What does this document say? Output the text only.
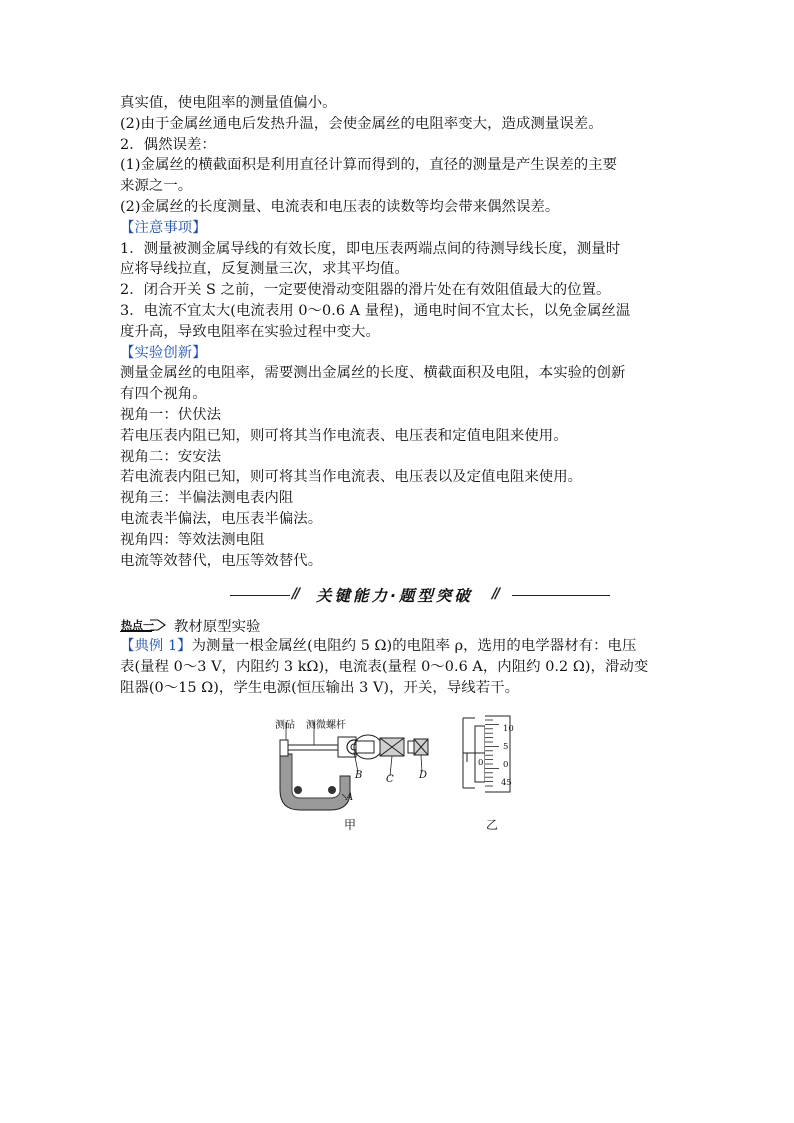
真实值，使电阻率的测量值偏小。
(2)由于金属丝通电后发热升温，会使金属丝的电阻率变大，造成测量误差。
2．偶然误差：
(1)金属丝的横截面积是利用直径计算而得到的，直径的测量是产生误差的主要
来源之一。
(2)金属丝的长度测量、电流表和电压表的读数等均会带来偶然误差。
【注意事项】
1．测量被测金属导线的有效长度，即电压表两端点间的待测导线长度，测量时
应将导线拉直，反复测量三次，求其平均值。
2．闭合开关 S 之前，一定要使滑动变阻器的滑片处在有效阻值最大的位置。
3．电流不宜太大(电流表用 0～0.6 A 量程)，通电时间不宜太长，以免金属丝温
度升高，导致电阻率在实验过程中变大。
【实验创新】
测量金属丝的电阻率，需要测出金属丝的长度、横截面积及电阻，本实验的创新
有四个视角。
视角一：伏伏法
若电压表内阻已知，则可将其当作电流表、电压表和定值电阻来使用。
视角二：安安法
若电流表内阻已知，则可将其当作电流表、电压表以及定值电阻来使用。
视角三：半偏法测电表内阻
电流表半偏法，电压表半偏法。
视角四：等效法测电阻
电流等效替代，电压等效替代。
// 关键能力·题型突破 //
热点一 教材原型实验
【典例 1】为测量一根金属丝(电阻约 5 Ω)的电阻率 ρ，选用的电学器材有：电压
表(量程 0～3 V，内阻约 3 kΩ)，电流表(量程 0～0.6 A，内阻约 0.2 Ω)，滑动变
阻器(0～15 Ω)，学生电源(恒压输出 3 V)，开关，导线若干。
测砧 测微螺杆
B C	D
A
10
5
0
45
0
甲	乙
